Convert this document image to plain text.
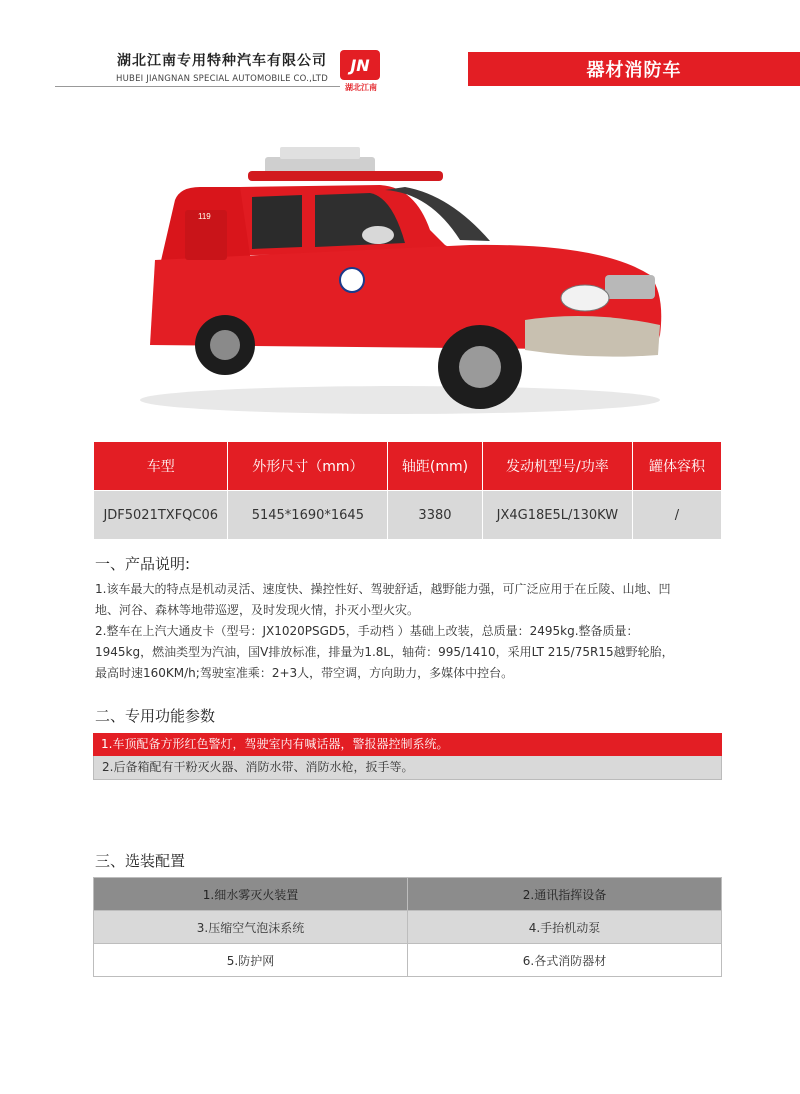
湖北江南专用特种汽车有限公司
HUBEI JIANGNAN SPECIAL AUTOMOBILE CO.,LTD
JN
湖北江南
器材消防车
119
车型	外形尺寸（mm）	轴距(mm)	发动机型号/功率	罐体容积
JDF5021TXFQC06	5145*1690*1645	3380	JX4G18E5L/130KW	/
一、产品说明:

1.该车最大的特点是机动灵活、速度快、操控性好、驾驶舒适，越野能力强，可广泛应用于在丘陵、山地、凹

地、河谷、森林等地带巡逻，及时发现火情，扑灭小型火灾。

2.整车在上汽大通皮卡（型号：JX1020PSGD5，手动档 ）基础上改装，总质量：2495kg.整备质量：

1945kg，燃油类型为汽油，国V排放标准，排量为1.8L，轴荷：995/1410，采用LT 215/75R15越野轮胎，

最高时速160KM/h;驾驶室准乘：2+3人，带空调，方向助力，多媒体中控台。

二、专用功能参数
1.车顶配备方形红色警灯，驾驶室内有喊话器，警报器控制系统。
2.后备箱配有干粉灭火器、消防水带、消防水枪，扳手等。
三、选装配置
1.细水雾灭火装置	2.通讯指挥设备
3.压缩空气泡沫系统	4.手抬机动泵
5.防护网	6.各式消防器材
